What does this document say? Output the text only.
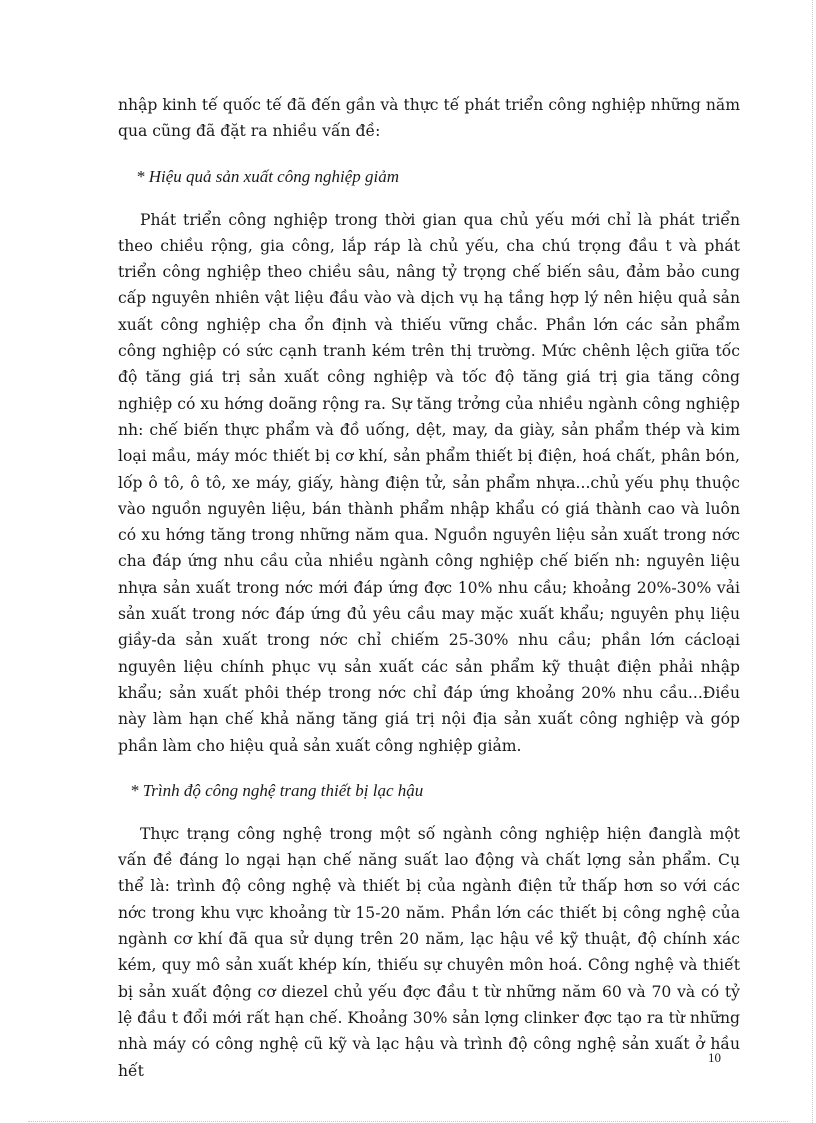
nhập kinh tế quốc tế đã đến gần và thực tế phát triển công nghiệp những năm qua cũng đã đặt ra nhiều vấn đề:

* Hiệu quả sản xuất công nghiệp giảm

Phát triển công nghiệp trong thời gian qua chủ yếu mới chỉ là phát triển theo chiều rộng, gia công, lắp ráp là chủ yếu, cha chú trọng đầu t và phát triển công nghiệp theo chiều sâu, nâng tỷ trọng chế biến sâu, đảm bảo cung cấp nguyên nhiên vật liệu đầu vào và dịch vụ hạ tầng hợp lý nên hiệu quả sản xuất công nghiệp cha ổn định và thiếu vững chắc. Phần lớn các sản phẩm công nghiệp có sức cạnh tranh kém trên thị trường. Mức chênh lệch giữa tốc độ tăng giá trị sản xuất công nghiệp và tốc độ tăng giá trị gia tăng công nghiệp có xu hớng doãng rộng ra. Sự tăng trởng của nhiều ngành công nghiệp nh: chế biến thực phẩm và đồ uống, dệt, may, da giày, sản phẩm thép và kim loại mầu, máy móc thiết bị cơ khí, sản phẩm thiết bị điện, hoá chất, phân bón, lốp ô tô, ô tô, xe máy, giấy, hàng điện tử, sản phẩm nhựa...chủ yếu phụ thuộc vào nguồn nguyên liệu, bán thành phẩm nhập khẩu có giá thành cao và luôn có xu hớng tăng trong những năm qua. Nguồn nguyên liệu sản xuất trong nớc cha đáp ứng nhu cầu của nhiều ngành công nghiệp chế biến nh: nguyên liệu nhựa sản xuất trong nớc mới đáp ứng đợc 10% nhu cầu; khoảng 20%-30% vải sản xuất trong nớc đáp ứng đủ yêu cầu may mặc xuất khẩu; nguyên phụ liệu giầy-da sản xuất trong nớc chỉ chiếm 25-30% nhu cầu; phần lớn cácloại nguyên liệu chính phục vụ sản xuất các sản phẩm kỹ thuật điện phải nhập khẩu; sản xuất phôi thép trong nớc chỉ đáp ứng khoảng 20% nhu cầu...Điều này làm hạn chế khả năng tăng giá trị nội địa sản xuất công nghiệp và góp phần làm cho hiệu quả sản xuất công nghiệp giảm.

* Trình độ công nghệ trang thiết bị lạc hậu

Thực trạng công nghệ trong một số ngành công nghiệp hiện đanglà một vấn đề đáng lo ngại hạn chế năng suất lao động và chất lợng sản phẩm. Cụ thể là: trình độ công nghệ và thiết bị của ngành điện tử thấp hơn so với các nớc trong khu vực khoảng từ 15-20 năm. Phần lớn các thiết bị công nghệ của ngành cơ khí đã qua sử dụng trên 20 năm, lạc hậu về kỹ thuật, độ chính xác kém, quy mô sản xuất khép kín, thiếu sự chuyên môn hoá. Công nghệ và thiết bị sản xuất động cơ diezel chủ yếu đợc đầu t từ những năm 60 và 70 và có tỷ lệ đầu t đổi mới rất hạn chế. Khoảng 30% sản lợng clinker đợc tạo ra từ những nhà máy có công nghệ cũ kỹ và lạc hậu và trình độ công nghệ sản xuất ở hầu hết

10
